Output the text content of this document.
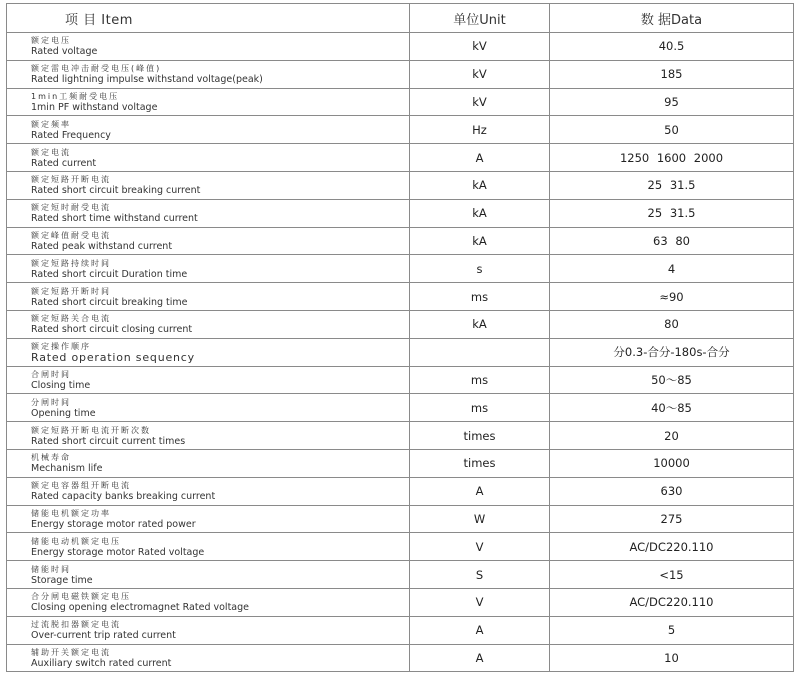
项 目 Item	单位Unit	数 据Data

额定电压
Rated voltage	kV	40.5

额定雷电冲击耐受电压(峰值)
Rated lightning impulse withstand voltage(peak)	kV	185

1min工频耐受电压
1min PF withstand voltage	kV	95

额定频率
Rated Frequency	Hz	50

额定电流
Rated current	A	1250 1600 2000

额定短路开断电流
Rated short circuit breaking current	kA	25 31.5

额定短时耐受电流
Rated short time withstand current	kA	25 31.5

额定峰值耐受电流
Rated peak withstand current	kA	63 80

额定短路持续时间
Rated short circuit Duration time	s	4

额定短路开断时间
Rated short circuit breaking time	ms	≈90

额定短路关合电流
Rated short circuit closing current	kA	80

额定操作顺序
Rated operation sequency		分0.3-合分-180s-合分

合闸时间
Closing time	ms	50～85

分闸时间
Opening time	ms	40～85

额定短路开断电流开断次数
Rated short circuit current times	times	20

机械寿命
Mechanism life	times	10000

额定电容器组开断电流
Rated capacity banks breaking current	A	630

储能电机额定功率
Energy storage motor rated power	W	275

储能电动机额定电压
Energy storage motor Rated voltage	V	AC/DC220.110

储能时间
Storage time	S	<15

合分闸电磁铁额定电压
Closing opening electromagnet Rated voltage	V	AC/DC220.110

过流脱扣器额定电流
Over-current trip rated current	A	5

辅助开关额定电流
Auxiliary switch rated current	A	10
